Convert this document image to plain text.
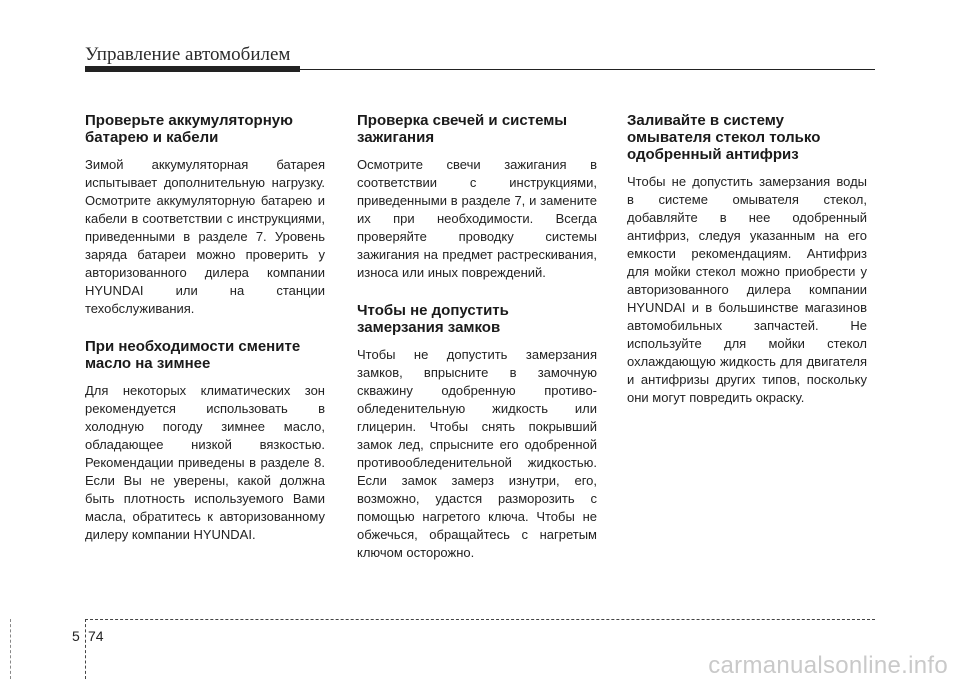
Управление автомобилем
Проверьте аккумуляторную батарею и кабели

Зимой аккумуляторная батарея испытывает дополнительную нагрузку. Осмотрите аккумуляторную батарею и кабели в соответствии с инструкциями, приведенными в разделе 7. Уровень заряда батареи можно проверить у авторизованного дилера компании HYUNDAI или на станции техобслуживания.

При необходимости смените масло на зимнее

Для некоторых климатических зон рекомендуется использовать в холодную погоду зимнее масло, обладающее низкой вязкостью. Рекомендации приведены в разделе 8. Если Вы не уверены, какой должна быть плотность используемого Вами масла, обратитесь к авторизованному дилеру компании HYUNDAI.

Проверка свечей и системы зажигания

Осмотрите свечи зажигания в соответствии с инструкциями, приведенными в разделе 7, и замените их при необходимости. Всегда проверяйте проводку системы зажигания на предмет растрескивания, износа или иных повреждений.

Чтобы не допустить замерзания замков

Чтобы не допустить замерзания замков, впрысните в замочную скважину одобренную противо-обледенительную жидкость или глицерин. Чтобы снять покрывший замок лед, спрысните его одобренной противообледенительной жидкостью. Если замок замерз изнутри, его, возможно, удастся разморозить с помощью нагретого ключа. Чтобы не обжечься, обращайтесь с нагретым ключом осторожно.

Заливайте в систему омывателя стекол только одобренный антифриз

Чтобы не допустить замерзания воды в системе омывателя стекол, добавляйте в нее одобренный антифриз, следуя указанным на его емкости рекомендациям. Антифриз для мойки стекол можно приобрести у авторизованного дилера компании HYUNDAI и в большинстве магазинов автомобильных запчастей. Не используйте для мойки стекол охлаждающую жидкость для двигателя и антифризы других типов, поскольку они могут повредить окраску.

5 74
carmanualsonline.info
